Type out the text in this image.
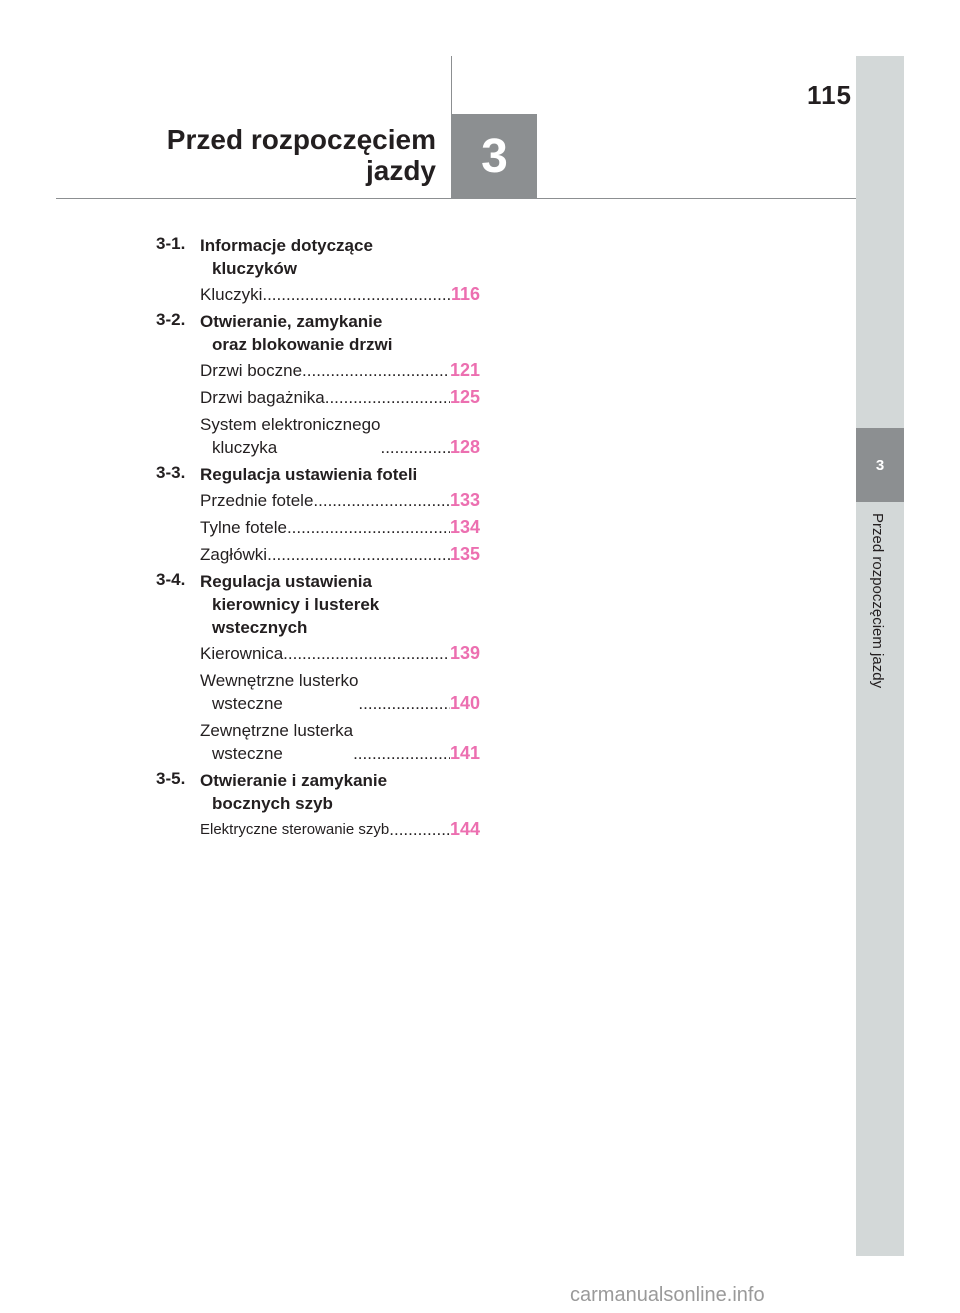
115
Przed rozpoczęciem
jazdy 3
3
Przed rozpoczęciem jazdy
3-1. Informacje dotyczące
kluczyków
Kluczyki .....	116
3-2. Otwieranie, zamykanie
oraz blokowanie drzwi
Drzwi boczne .....	121
Drzwi bagażnika .....	125
System elektronicznego
kluczyka .....	128
3-3. Regulacja ustawienia foteli
Przednie fotele .....	133
Tylne fotele .....	134
Zagłówki .....	135
3-4. Regulacja ustawienia
kierownicy i lusterek
wstecznych
Kierownica .....	139
Wewnętrzne lusterko
wsteczne .....	140
Zewnętrzne lusterka
wsteczne .....	141
3-5. Otwieranie i zamykanie
bocznych szyb
Elektryczne sterowanie szyb .....	144
carmanualsonline.info
